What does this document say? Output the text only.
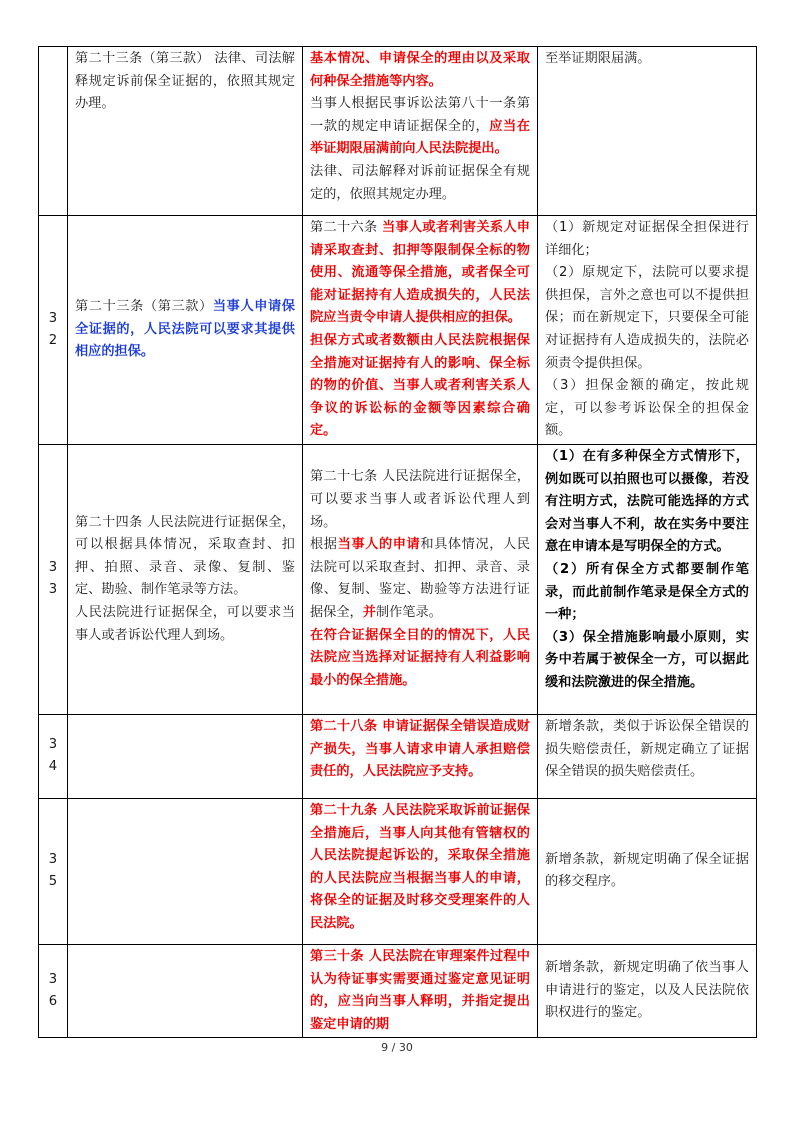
	第二十三条（第三款） 法律、司法解释规定诉前保全证据的，依照其规定办理。	基本情况、申请保全的理由以及采取何种保全措施等内容。
当事人根据民事诉讼法第八十一条第一款的规定申请证据保全的，应当在举证期限届满前向人民法院提出。
法律、司法解释对诉前证据保全有规定的，依照其规定办理。	至举证期限届满。
32	第二十三条（第三款）当事人申请保全证据的，人民法院可以要求其提供相应的担保。	第二十六条 当事人或者利害关系人申请采取查封、扣押等限制保全标的物使用、流通等保全措施，或者保全可能对证据持有人造成损失的，人民法院应当责令申请人提供相应的担保。
担保方式或者数额由人民法院根据保全措施对证据持有人的影响、保全标的物的价值、当事人或者利害关系人争议的诉讼标的金额等因素综合确定。	（1）新规定对证据保全担保进行详细化；
（2）原规定下，法院可以要求提供担保，言外之意也可以不提供担保；而在新规定下，只要保全可能对证据持有人造成损失的，法院必须责令提供担保。
（3）担保金额的确定，按此规定，可以参考诉讼保全的担保金额。

33	第二十四条 人民法院进行证据保全，可以根据具体情况，采取查封、扣押、拍照、录音、录像、复制、鉴定、勘验、制作笔录等方法。
人民法院进行证据保全，可以要求当事人或者诉讼代理人到场。	第二十七条 人民法院进行证据保全，可以要求当事人或者诉讼代理人到场。
根据当事人的申请和具体情况，人民法院可以采取查封、扣押、录音、录像、复制、鉴定、勘验等方法进行证据保全，并制作笔录。
在符合证据保全目的的情况下，人民法院应当选择对证据持有人利益影响最小的保全措施。	（1）在有多种保全方式情形下，例如既可以拍照也可以摄像，若没有注明方式，法院可能选择的方式会对当事人不利，故在实务中要注意在申请本是写明保全的方式。
（2）所有保全方式都要制作笔录，而此前制作笔录是保全方式的一种；
（3）保全措施影响最小原则，实务中若属于被保全一方，可以据此缓和法院激进的保全措施。

34		第二十八条 申请证据保全错误造成财产损失，当事人请求申请人承担赔偿责任的，人民法院应予支持。	新增条款，类似于诉讼保全错误的损失赔偿责任，新规定确立了证据保全错误的损失赔偿责任。
35		第二十九条 人民法院采取诉前证据保全措施后，当事人向其他有管辖权的人民法院提起诉讼的，采取保全措施的人民法院应当根据当事人的申请，将保全的证据及时移交受理案件的人民法院。	新增条款，新规定明确了保全证据的移交程序。
36		第三十条 人民法院在审理案件过程中认为待证事实需要通过鉴定意见证明的，应当向当事人释明，并指定提出鉴定申请的期	新增条款，新规定明确了依当事人申请进行的鉴定，以及人民法院依职权进行的鉴定。
9 / 30
